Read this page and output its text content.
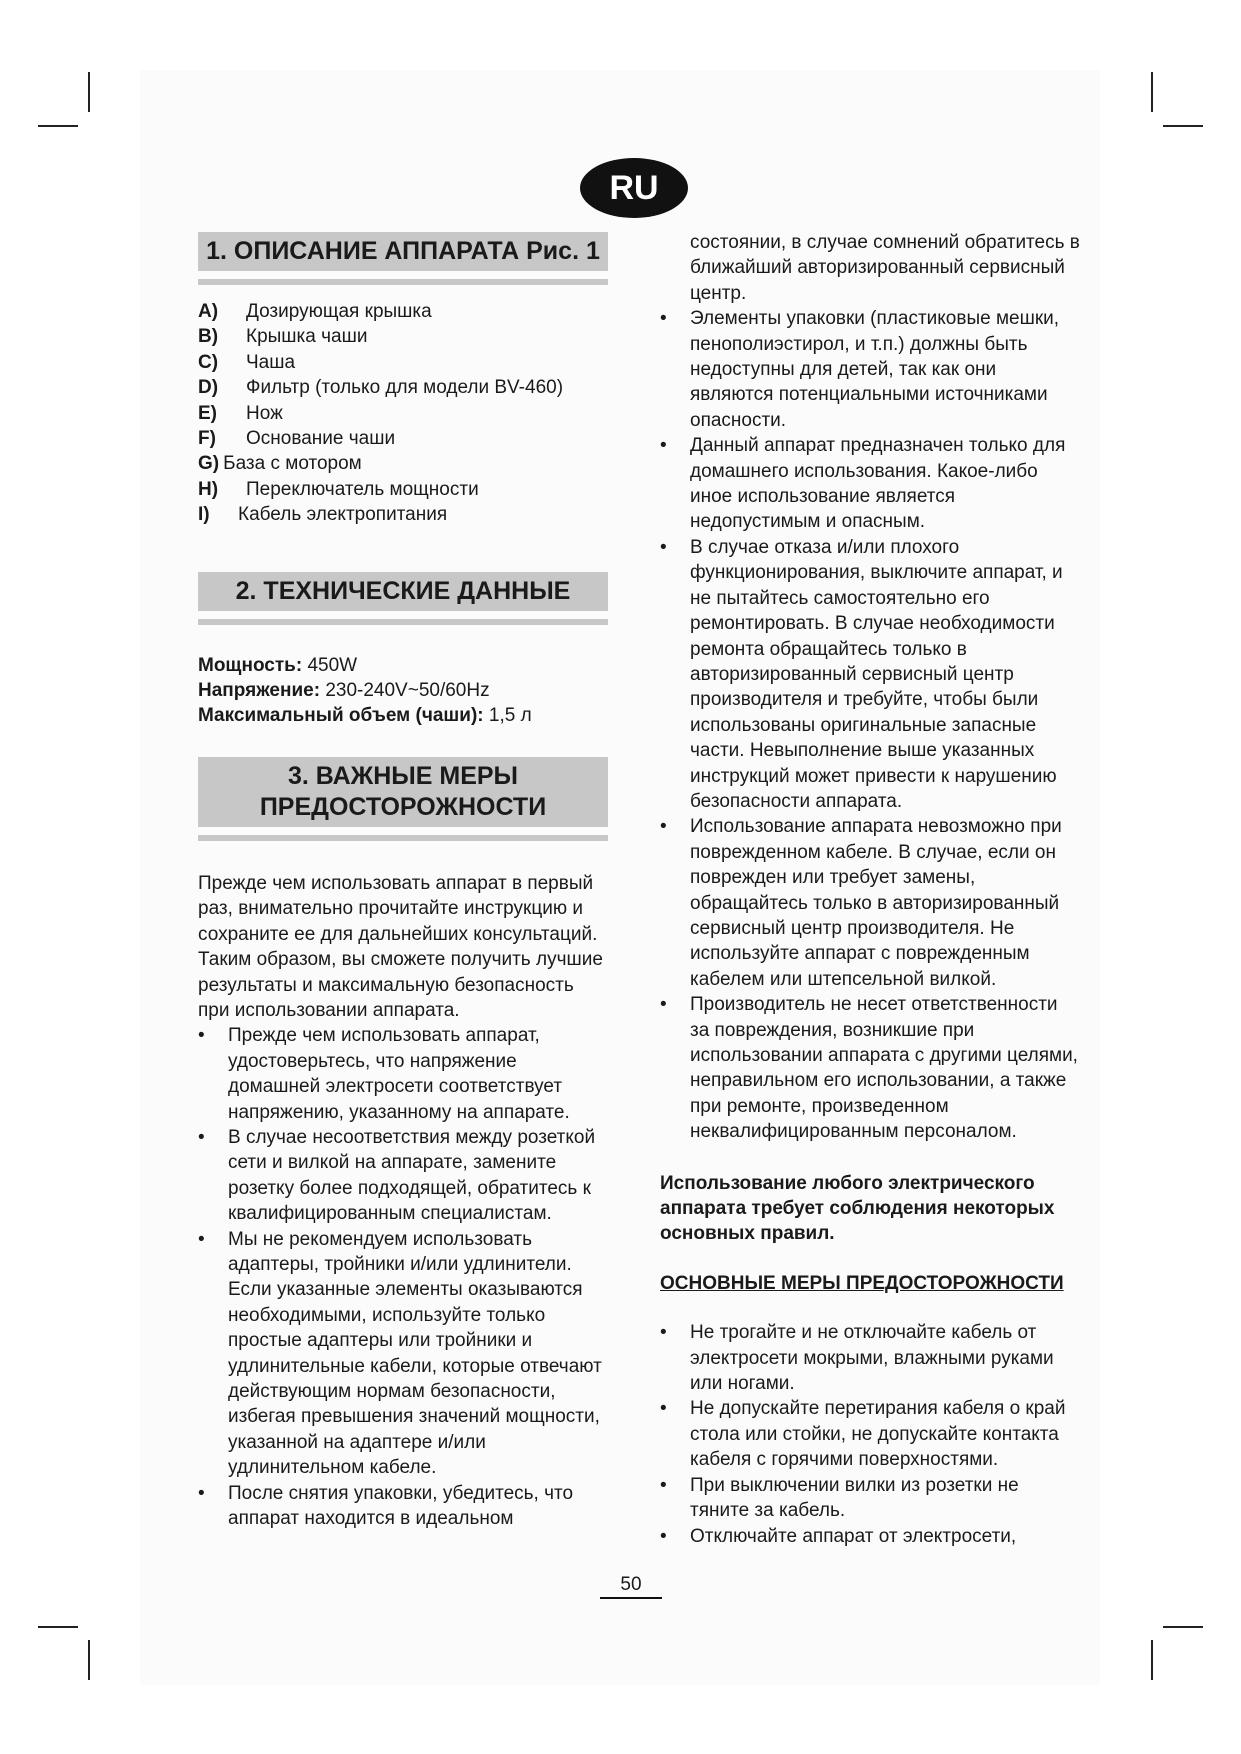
RU
1. ОПИСАНИЕ АППАРАТА Рис. 1
A)	Дозирующая крышка
B)	Крышка чаши
C)	Чаша
D)	Фильтр (только для модели BV-460)
E)	Нож
F)	Основание чаши
G) База с мотором
H)	Переключатель мощности
I)	Кабель электропитания
2. ТЕХНИЧЕСКИЕ ДАННЫЕ
Мощность: 450W
Напряжение: 230-240V~50/60Hz
Максимальный объем (чаши): 1,5 л
3. ВАЖНЫЕ МЕРЫ
ПРЕДОСТОРОЖНОСТИ

Прежде чем использовать аппарат в первый раз, внимательно прочитайте инструкцию и сохраните ее для дальнейших консультаций. Таким образом, вы сможете получить лучшие результаты и максимальную безопасность при использовании аппарата.

• Прежде чем использовать аппарат, удостоверьтесь, что напряжение домашней электросети соответствует напряжению, указанному на аппарате.
• В случае несоответствия между розеткой сети и вилкой на аппарате, замените розетку более подходящей, обратитесь к квалифицированным специалистам.
• Мы не рекомендуем использовать адаптеры, тройники и/или удлинители. Если указанные элементы оказываются необходимыми, используйте только простые адаптеры или тройники и удлинительные кабели, которые отвечают действующим нормам безопасности, избегая превышения значений мощности, указанной на адаптере и/или удлинительном кабеле.
• После снятия упаковки, убедитесь, что аппарат находится в идеальном
состоянии, в случае сомнений обратитесь в ближайший авторизированный сервисный центр.
• Элементы упаковки (пластиковые мешки, пенополиэстирол, и т.п.) должны быть недоступны для детей, так как они являются потенциальными источниками опасности.
• Данный аппарат предназначен только для домашнего использования. Какое-либо иное использование является недопустимым и опасным.
• В случае отказа и/или плохого функционирования, выключите аппарат, и не пытайтесь самостоятельно его ремонтировать. В случае необходимости ремонта обращайтесь только в авторизированный сервисный центр производителя и требуйте, чтобы были использованы оригинальные запасные части. Невыполнение выше указанных инструкций может привести к нарушению безопасности аппарата.
• Использование аппарата невозможно при поврежденном кабеле. В случае, если он поврежден или требует замены, обращайтесь только в авторизированный сервисный центр производителя. Не используйте аппарат с поврежденным кабелем или штепсельной вилкой.
• Производитель не несет ответственности за повреждения, возникшие при использовании аппарата с другими целями, неправильном его использовании, а также при ремонте, произведенном неквалифицированным персоналом.

Использование любого электрического аппарата требует соблюдения некоторых основных правил.

ОСНОВНЫЕ МЕРЫ ПРЕДОСТОРОЖНОСТИ

• Не трогайте и не отключайте кабель от электросети мокрыми, влажными руками или ногами.
• Не допускайте перетирания кабеля о край стола или стойки, не допускайте контакта кабеля с горячими поверхностями.
• При выключении вилки из розетки не тяните за кабель.
• Отключайте аппарат от электросети,
50
